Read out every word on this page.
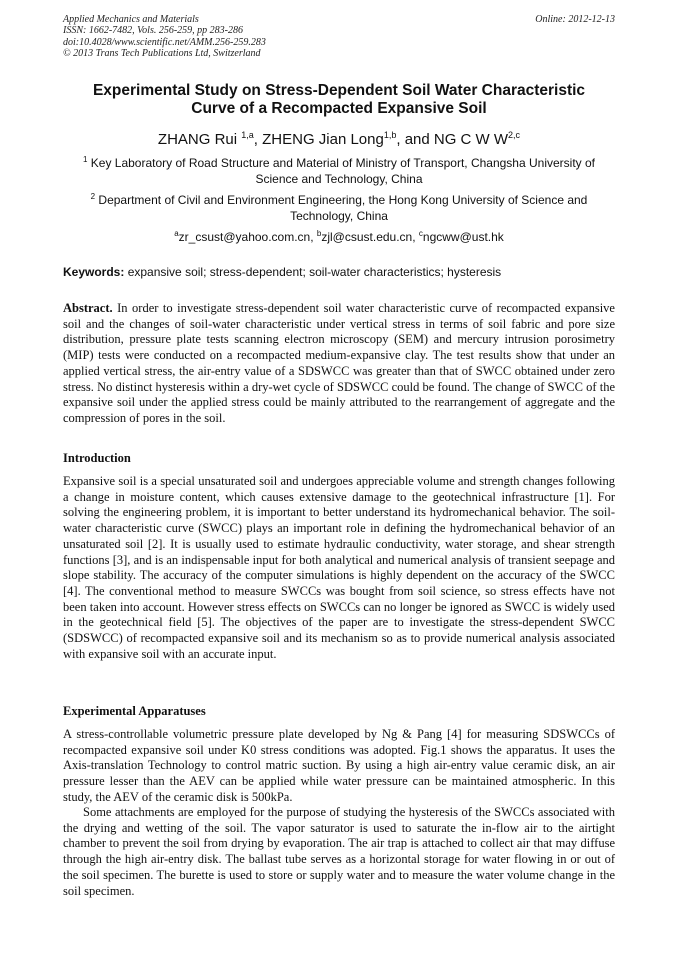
Applied Mechanics and Materials
ISSN: 1662-7482, Vols. 256-259, pp 283-286
doi:10.4028/www.scientific.net/AMM.256-259.283
© 2013 Trans Tech Publications Ltd, Switzerland
Online: 2012-12-13
Experimental Study on Stress-Dependent Soil Water Characteristic
Curve of a Recompacted Expansive Soil
ZHANG Rui $^{1,a}$, ZHENG Jian Long$^{1,b}$, and NG C W W$^{2,c}$
$^1$ Key Laboratory of Road Structure and Material of Ministry of Transport, Changsha University of Science and Technology, China
$^2$ Department of Civil and Environment Engineering, the Hong Kong University of Science and Technology, China
$^a$zr_csust@yahoo.com.cn, $^b$zjl@csust.edu.cn, $^c$ngcww@ust.hk
Keywords: expansive soil; stress-dependent; soil-water characteristics; hysteresis
Abstract. In order to investigate stress-dependent soil water characteristic curve of recompacted expansive soil and the changes of soil-water characteristic under vertical stress in terms of soil fabric and pore size distribution, pressure plate tests scanning electron microscopy (SEM) and mercury intrusion porosimetry (MIP) tests were conducted on a recompacted medium-expansive clay. The test results show that under an applied vertical stress, the air-entry value of a SDSWCC was greater than that of SWCC obtained under zero stress. No distinct hysteresis within a dry-wet cycle of SDSWCC could be found. The change of SWCC of the expansive soil under the applied stress could be mainly attributed to the rearrangement of aggregate and the compression of pores in the soil.
Introduction
Expansive soil is a special unsaturated soil and undergoes appreciable volume and strength changes following a change in moisture content, which causes extensive damage to the geotechnical infrastructure [1]. For solving the engineering problem, it is important to better understand its hydromechanical behavior. The soil-water characteristic curve (SWCC) plays an important role in defining the hydromechanical behavior of an unsaturated soil [2]. It is usually used to estimate hydraulic conductivity, water storage, and shear strength functions [3], and is an indispensable input for both analytical and numerical analysis of transient seepage and slope stability. The accuracy of the computer simulations is highly dependent on the accuracy of the SWCC [4]. The conventional method to measure SWCCs was bought from soil science, so stress effects have not been taken into account. However stress effects on SWCCs can no longer be ignored as SWCC is widely used in the geotechnical field [5]. The objectives of the paper are to investigate the stress-dependent SWCC (SDSWCC) of recompacted expansive soil and its mechanism so as to provide numerical analysis associated with expansive soil with an accurate input.
Experimental Apparatuses
A stress-controllable volumetric pressure plate developed by Ng & Pang [4] for measuring SDSWCCs of recompacted expansive soil under K0 stress conditions was adopted. Fig.1 shows the apparatus. It uses the Axis-translation Technology to control matric suction. By using a high air-entry value ceramic disk, an air pressure lesser than the AEV can be applied while water pressure can be maintained atmospheric. In this study, the AEV of the ceramic disk is 500kPa.
Some attachments are employed for the purpose of studying the hysteresis of the SWCCs associated with the drying and wetting of the soil. The vapor saturator is used to saturate the in-flow air to the airtight chamber to prevent the soil from drying by evaporation. The air trap is attached to collect air that may diffuse through the high air-entry disk. The ballast tube serves as a horizontal storage for water flowing in or out of the soil specimen. The burette is used to store or supply water and to measure the water volume change in the soil specimen.
